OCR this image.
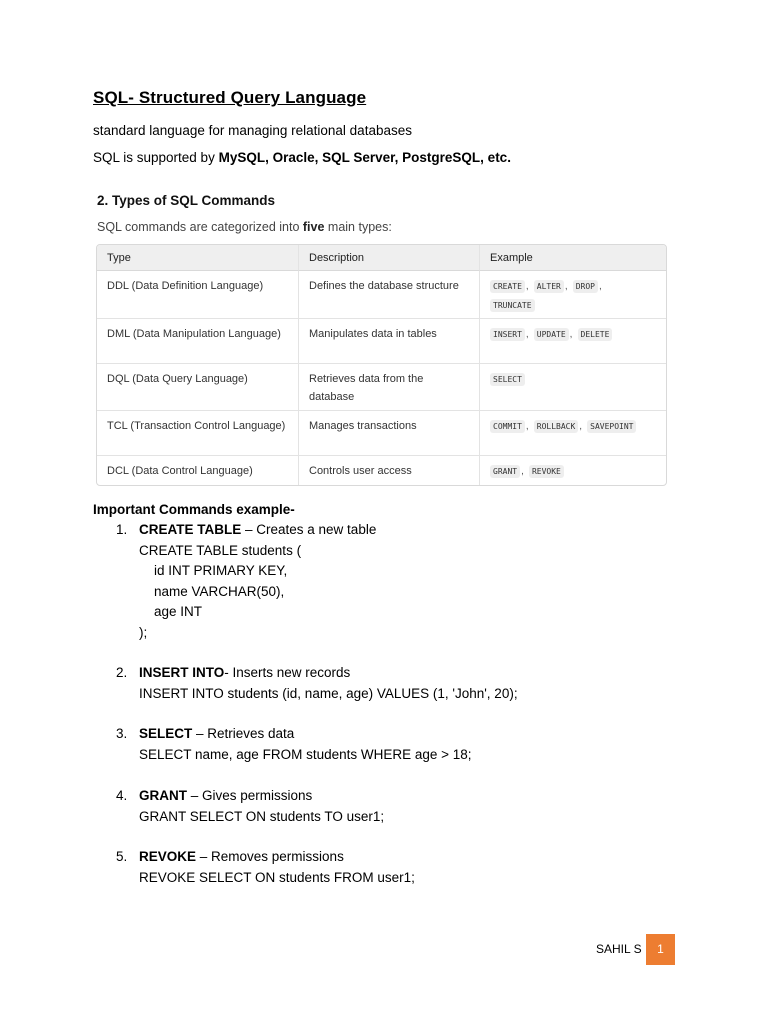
SQL- Structured Query Language

standard language for managing relational databases

SQL is supported by MySQL, Oracle, SQL Server, PostgreSQL, etc.

2. Types of SQL Commands

SQL commands are categorized into five main types:

Type	Description	Example
DDL (Data Definition Language)	Defines the database structure	CREATE , ALTER , DROP ,
TRUNCATE
DML (Data Manipulation Language)	Manipulates data in tables	INSERT , UPDATE , DELETE
DQL (Data Query Language)	Retrieves data from the database	SELECT
TCL (Transaction Control Language)	Manages transactions	COMMIT , ROLLBACK , SAVEPOINT
DCL (Data Control Language)	Controls user access	GRANT , REVOKE
Important Commands example-
1. CREATE TABLE – Creates a new table
CREATE TABLE students (
id INT PRIMARY KEY,
name VARCHAR(50),
age INT
);
2. INSERT INTO- Inserts new records
INSERT INTO students (id, name, age) VALUES (1, 'John', 20);
3. SELECT – Retrieves data
SELECT name, age FROM students WHERE age > 18;
4. GRANT – Gives permissions
GRANT SELECT ON students TO user1;
5. REVOKE – Removes permissions
REVOKE SELECT ON students FROM user1;

SAHIL S	1
